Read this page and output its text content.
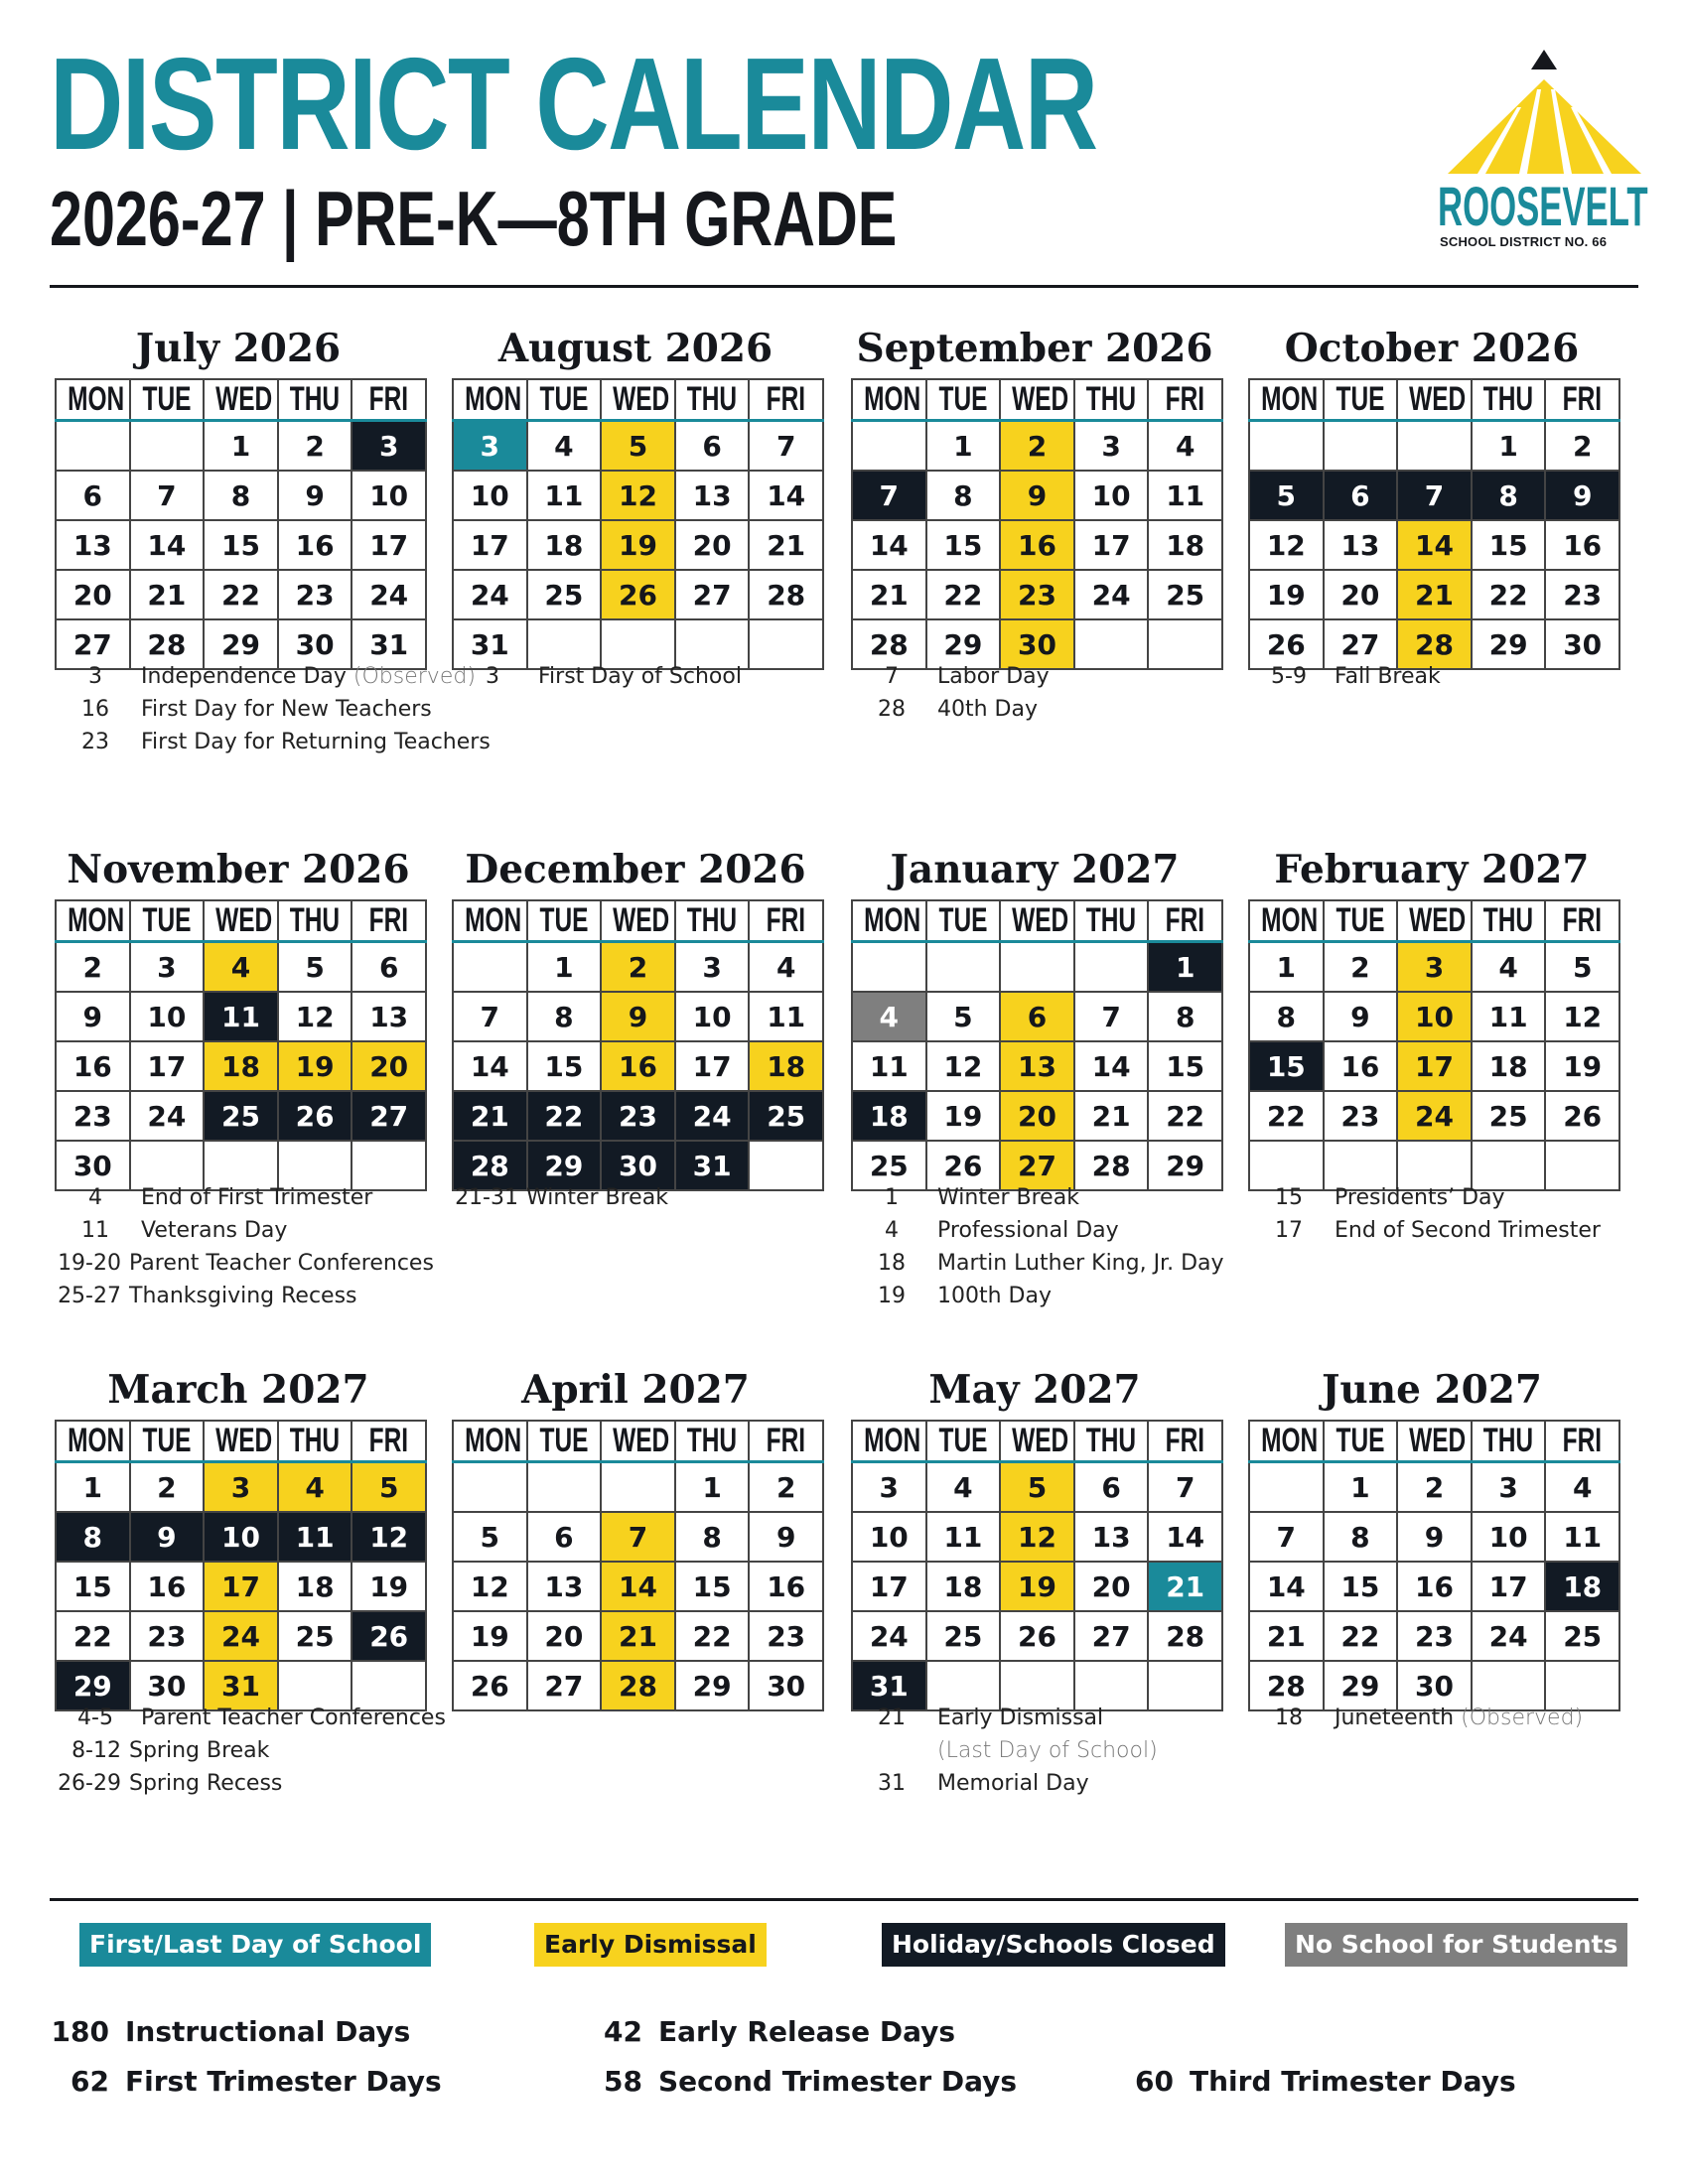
DISTRICT CALENDAR
2026-27 | PRE-K—8TH GRADE	ROOSEVELT
SCHOOL DISTRICT NO. 66
July 2026
MON	TUE	WED	THU	FRI
		1	2	3
6	7	8	9	10
13	14	15	16	17
20	21	22	23	24
27	28	29	30	31
3	Independence Day (Observed)
16	First Day for New Teachers
23	First Day for Returning Teachers
August 2026
MON	TUE	WED	THU	FRI
3	4	5	6	7
10	11	12	13	14
17	18	19	20	21
24	25	26	27	28
31				
3	First Day of School
September 2026
MON	TUE	WED	THU	FRI
	1	2	3	4
7	8	9	10	11
14	15	16	17	18
21	22	23	24	25
28	29	30		
7	Labor Day
28	40th Day
October 2026
MON	TUE	WED	THU	FRI
			1	2
5	6	7	8	9
12	13	14	15	16
19	20	21	22	23
26	27	28	29	30
5-9	Fall Break
November 2026
MON	TUE	WED	THU	FRI
2	3	4	5	6
9	10	11	12	13
16	17	18	19	20
23	24	25	26	27
30				
4	End of First Trimester
11	Veterans Day
19-20 Parent Teacher Conferences
25-27 Thanksgiving Recess
December 2026
MON	TUE	WED	THU	FRI
	1	2	3	4
7	8	9	10	11
14	15	16	17	18
21	22	23	24	25
28	29	30	31	
21-31 Winter Break
January 2027
MON	TUE	WED	THU	FRI
				1
4	5	6	7	8
11	12	13	14	15
18	19	20	21	22
25	26	27	28	29
1	Winter Break
4	Professional Day
18	Martin Luther King, Jr. Day
19	100th Day
February 2027
MON	TUE	WED	THU	FRI
1	2	3	4	5
8	9	10	11	12
15	16	17	18	19
22	23	24	25	26

15	Presidents’ Day
17	End of Second Trimester
March 2027
MON	TUE	WED	THU	FRI
1	2	3	4	5
8	9	10	11	12
15	16	17	18	19
22	23	24	25	26
29	30	31		
4-5	Parent Teacher Conferences
8-12 Spring Break
26-29 Spring Recess
April 2027
MON	TUE	WED	THU	FRI
			1	2
5	6	7	8	9
12	13	14	15	16
19	20	21	22	23
26	27	28	29	30
May 2027
MON	TUE	WED	THU	FRI
3	4	5	6	7
10	11	12	13	14
17	18	19	20	21
24	25	26	27	28
31				
21	Early Dismissal
(Last Day of School)
31	Memorial Day
June 2027
MON	TUE	WED	THU	FRI
	1	2	3	4
7	8	9	10	11
14	15	16	17	18
21	22	23	24	25
28	29	30		
18	Juneteenth (Observed)
First/Last Day of School	Early Dismissal	Holiday/Schools Closed	No School for Students
180 Instructional Days	42 Early Release Days
62 First Trimester Days	58 Second Trimester Days	60 Third Trimester Days
